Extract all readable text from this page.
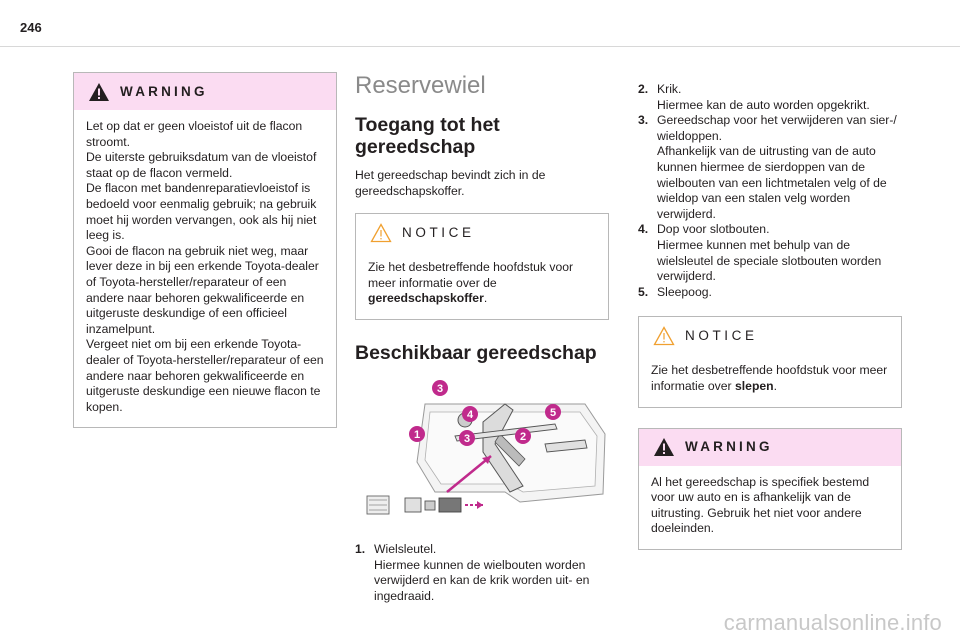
246
WARNING

Let op dat er geen vloeistof uit de flacon stroomt.

De uiterste gebruiksdatum van de vloeistof staat op de flacon vermeld.

De flacon met bandenreparatievloeistof is bedoeld voor eenmalig gebruik; na gebruik moet hij worden vervangen, ook als hij niet leeg is.

Gooi de flacon na gebruik niet weg, maar lever deze in bij een erkende Toyota-dealer of Toyota-hersteller/reparateur of een andere naar behoren gekwalificeerde en uitgeruste deskundige of een officieel inzamelpunt.

Vergeet niet om bij een erkende Toyota-dealer of Toyota-hersteller/reparateur of een andere naar behoren gekwalificeerde en uitgeruste deskundige een nieuwe flacon te kopen.

Reservewiel
Toegang tot het gereedschap

Het gereedschap bevindt zich in de gereedschapskoffer.

NOTICE

Zie het desbetreffende hoofdstuk voor meer informatie over de gereedschapskoffer.

Beschikbaar gereedschap
3
4
1	3	2
5
1. Wielsleutel.
Hiermee kunnen de wielbouten worden verwijderd en kan de krik worden uit- en ingedraaid.
2. Krik.
Hiermee kan de auto worden opgekrikt.
3. Gereedschap voor het verwijderen van sier-/ wieldoppen.
Afhankelijk van de uitrusting van de auto kunnen hiermee de sierdoppen van de wielbouten van een lichtmetalen velg of de wieldop van een stalen velg worden verwijderd.
4. Dop voor slotbouten.
Hiermee kunnen met behulp van de wielsleutel de speciale slotbouten worden verwijderd.
5. Sleepoog.
NOTICE

Zie het desbetreffende hoofdstuk voor meer informatie over slepen.

WARNING

Al het gereedschap is specifiek bestemd voor uw auto en is afhankelijk van de uitrusting. Gebruik het niet voor andere doeleinden.

carmanualsonline.info
